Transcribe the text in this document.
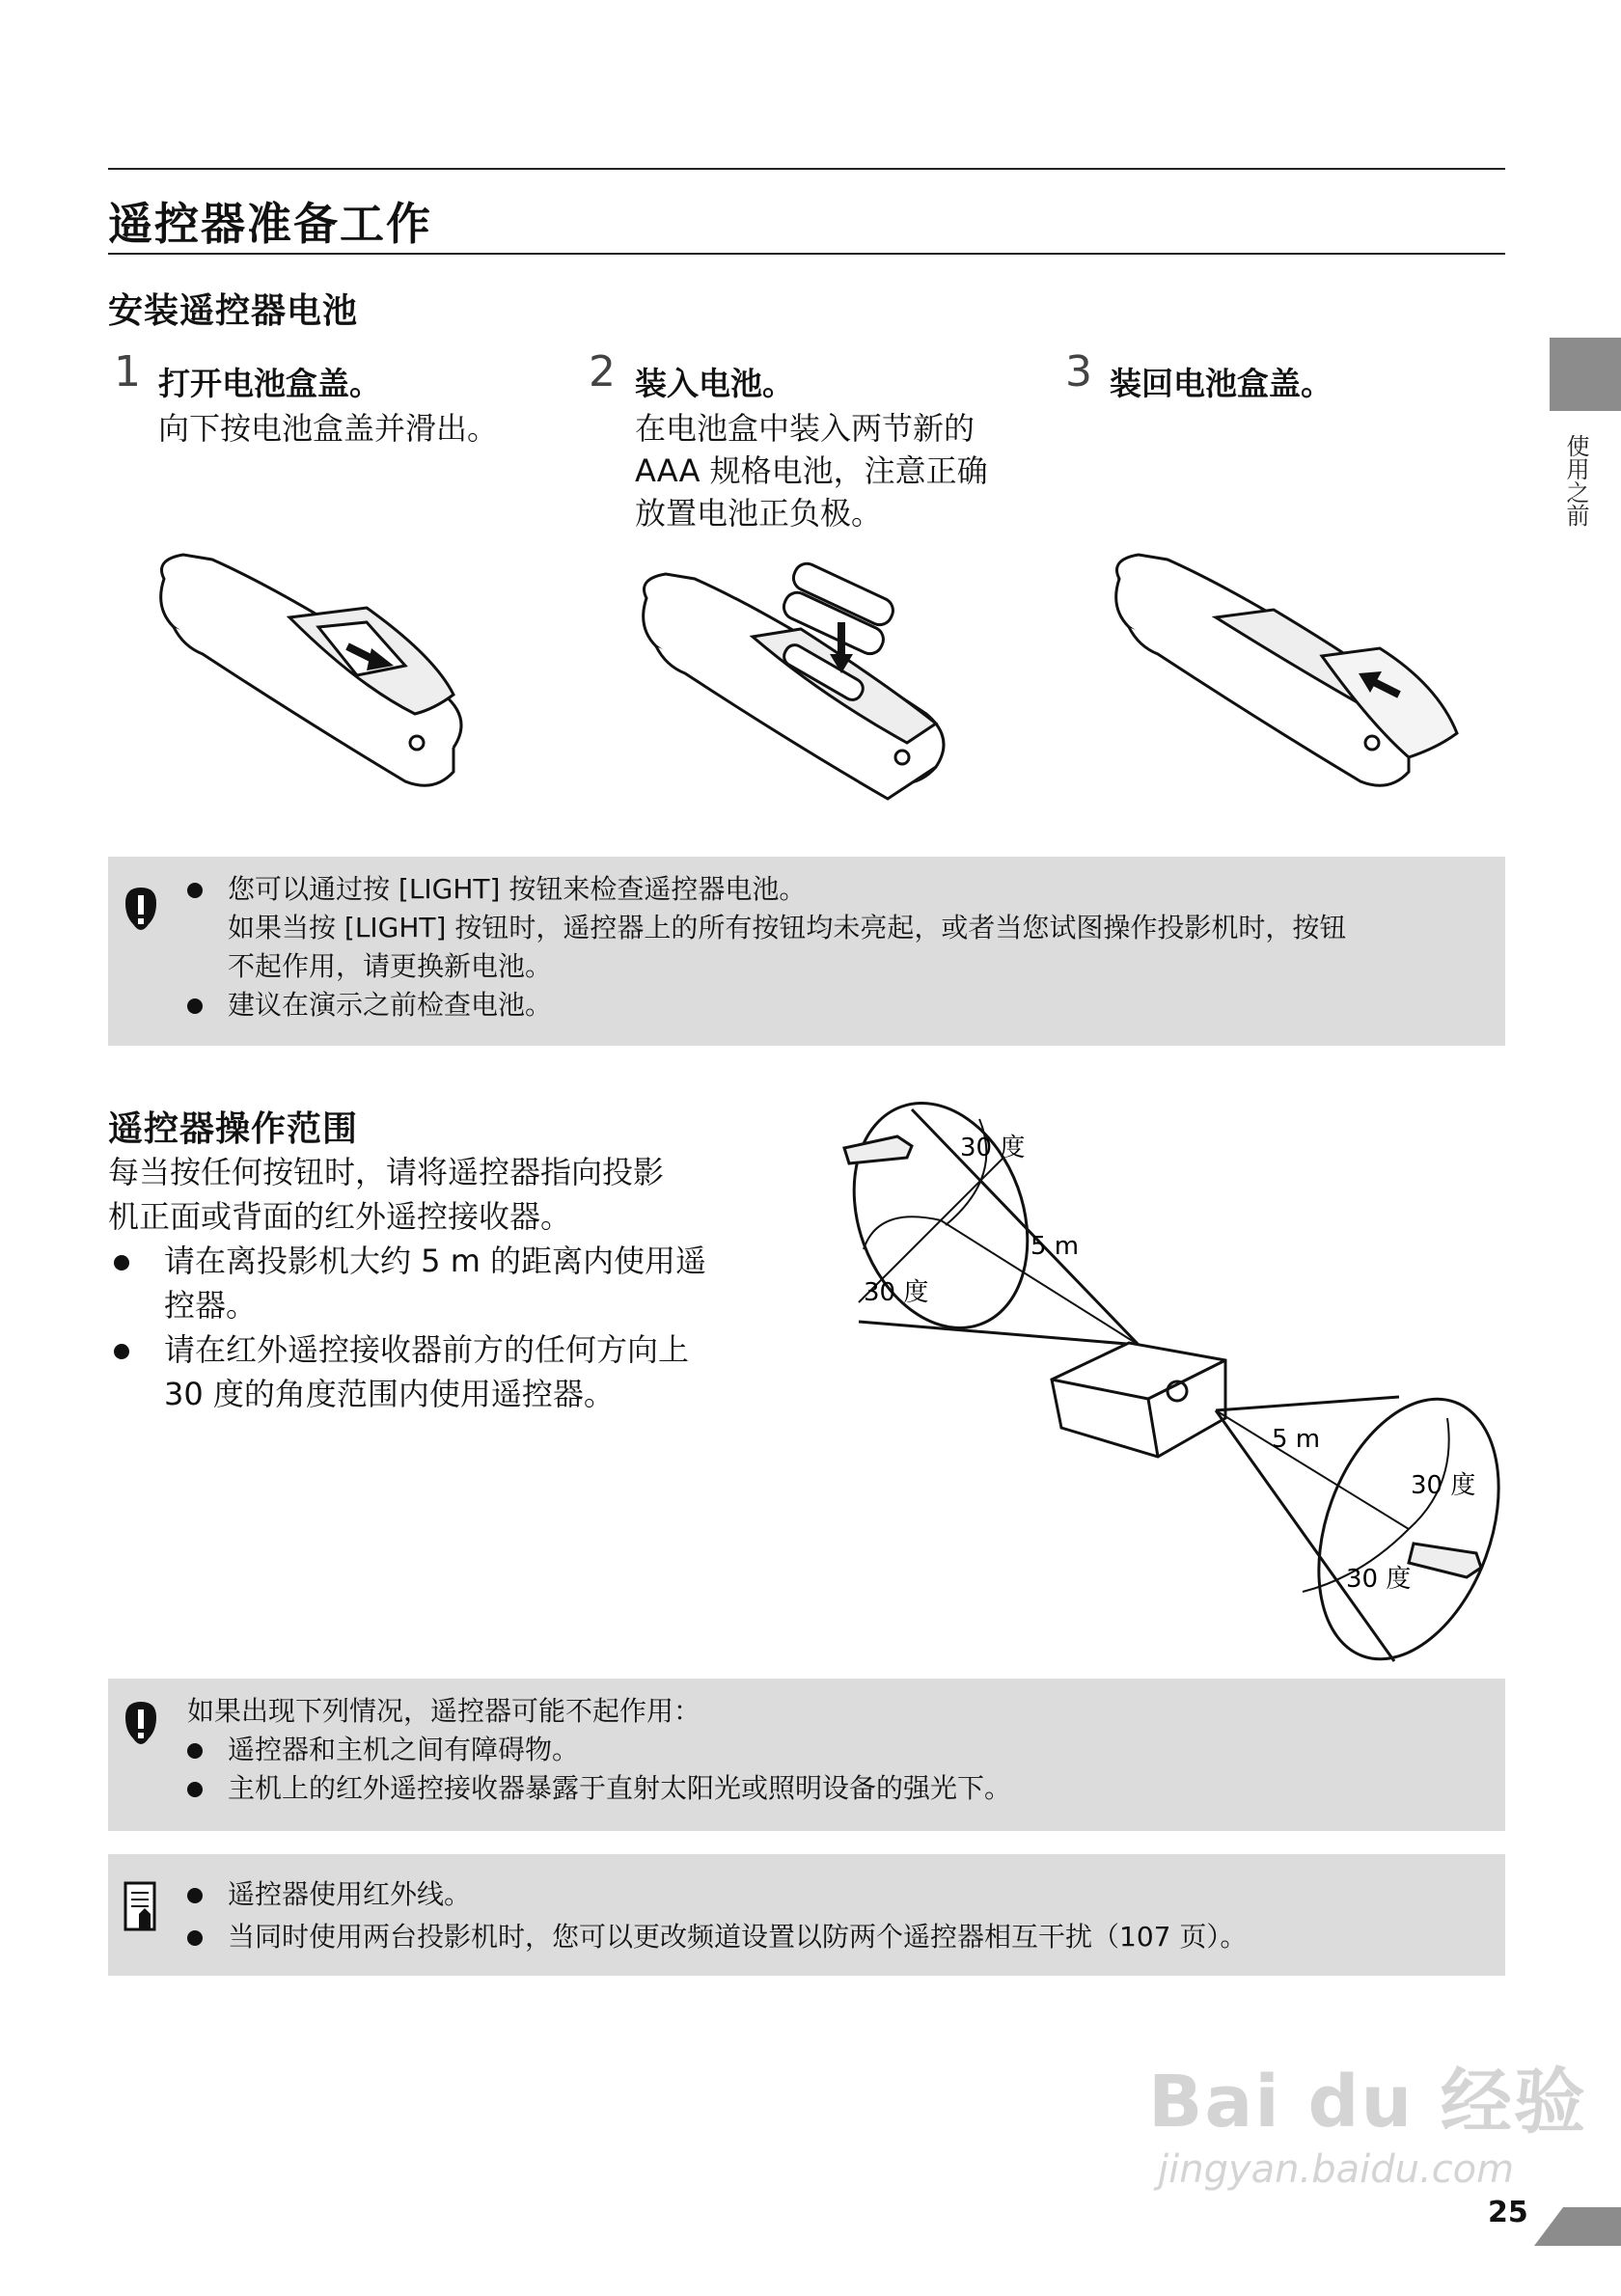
遥控器准备工作
使用之前
安装遥控器电池
1 打开电池盒盖。
向下按电池盒盖并滑出。
2 装入电池。
在电池盒中装入两节新的
AAA 规格电池，注意正确
放置电池正负极。
3 装回电池盒盖。
您可以通过按 [LIGHT] 按钮来检查遥控器电池。
如果当按 [LIGHT] 按钮时，遥控器上的所有按钮均未亮起，或者当您试图操作投影机时，按钮
不起作用，请更换新电池。
建议在演示之前检查电池。
遥控器操作范围
每当按任何按钮时，请将遥控器指向投影
机正面或背面的红外遥控接收器。
请在离投影机大约 5 m 的距离内使用遥
控器。
请在红外遥控接收器前方的任何方向上
30 度的角度范围内使用遥控器。
30 度
5 m
30 度
5 m
30 度
30 度
如果出现下列情况，遥控器可能不起作用：
遥控器和主机之间有障碍物。
主机上的红外遥控接收器暴露于直射太阳光或照明设备的强光下。
遥控器使用红外线。
当同时使用两台投影机时，您可以更改频道设置以防两个遥控器相互干扰（107 页）。
Bai du 经验
jingyan.baidu.com
25
